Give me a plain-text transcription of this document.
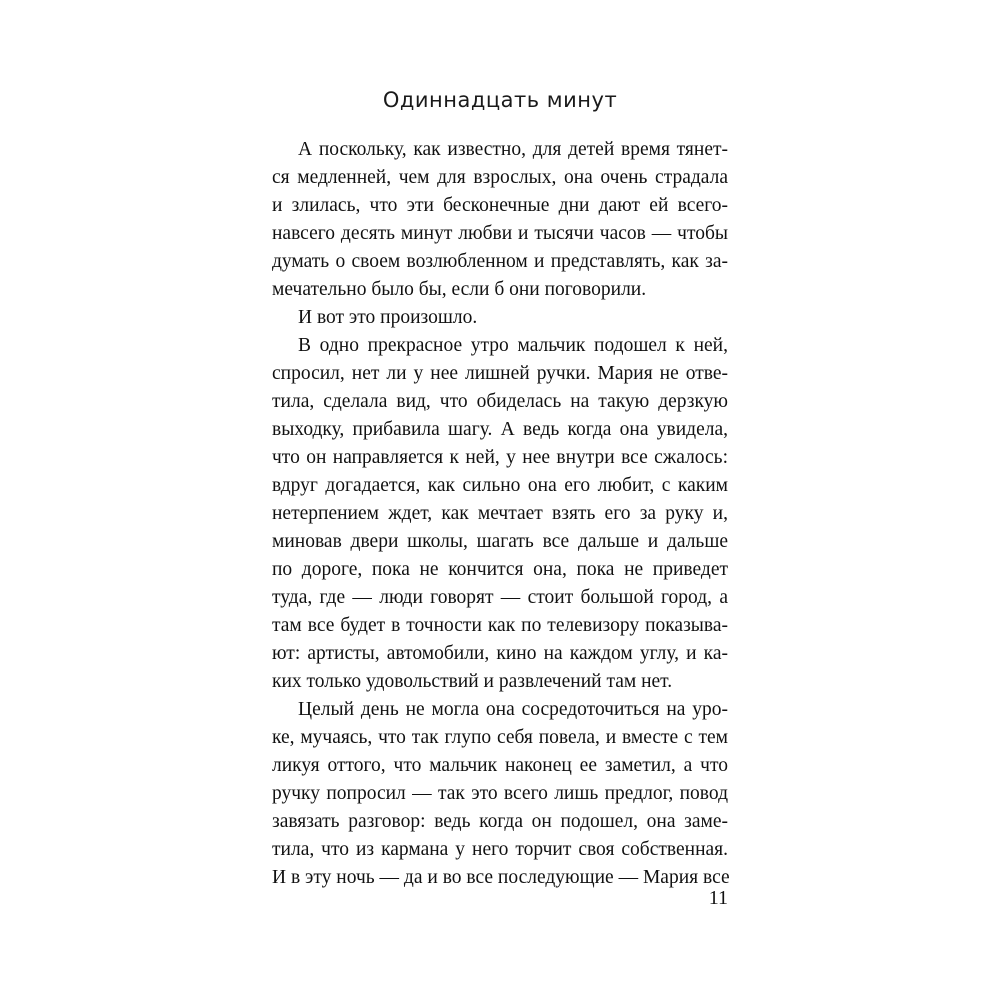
Одиннадцать минут
А поскольку, как известно, для детей время тянет-
ся медленней, чем для взрослых, она очень страдала
и злилась, что эти бесконечные дни дают ей всего-
навсего десять минут любви и тысячи часов — чтобы
думать о своем возлюбленном и представлять, как за-
мечательно было бы, если б они поговорили.
И вот это произошло.
В одно прекрасное утро мальчик подошел к ней,
спросил, нет ли у нее лишней ручки. Мария не отве-
тила, сделала вид, что обиделась на такую дерзкую
выходку, прибавила шагу. А ведь когда она увидела,
что он направляется к ней, у нее внутри все сжалось:
вдруг догадается, как сильно она его любит, с каким
нетерпением ждет, как мечтает взять его за руку и,
миновав двери школы, шагать все дальше и дальше
по дороге, пока не кончится она, пока не приведет
туда, где — люди говорят — стоит большой город, а
там все будет в точности как по телевизору показыва-
ют: артисты, автомобили, кино на каждом углу, и ка-
ких только удовольствий и развлечений там нет.
Целый день не могла она сосредоточиться на уро-
ке, мучаясь, что так глупо себя повела, и вместе с тем
ликуя оттого, что мальчик наконец ее заметил, а что
ручку попросил — так это всего лишь предлог, повод
завязать разговор: ведь когда он подошел, она заме-
тила, что из кармана у него торчит своя собственная.
И в эту ночь — да и во все последующие — Мария все
11
